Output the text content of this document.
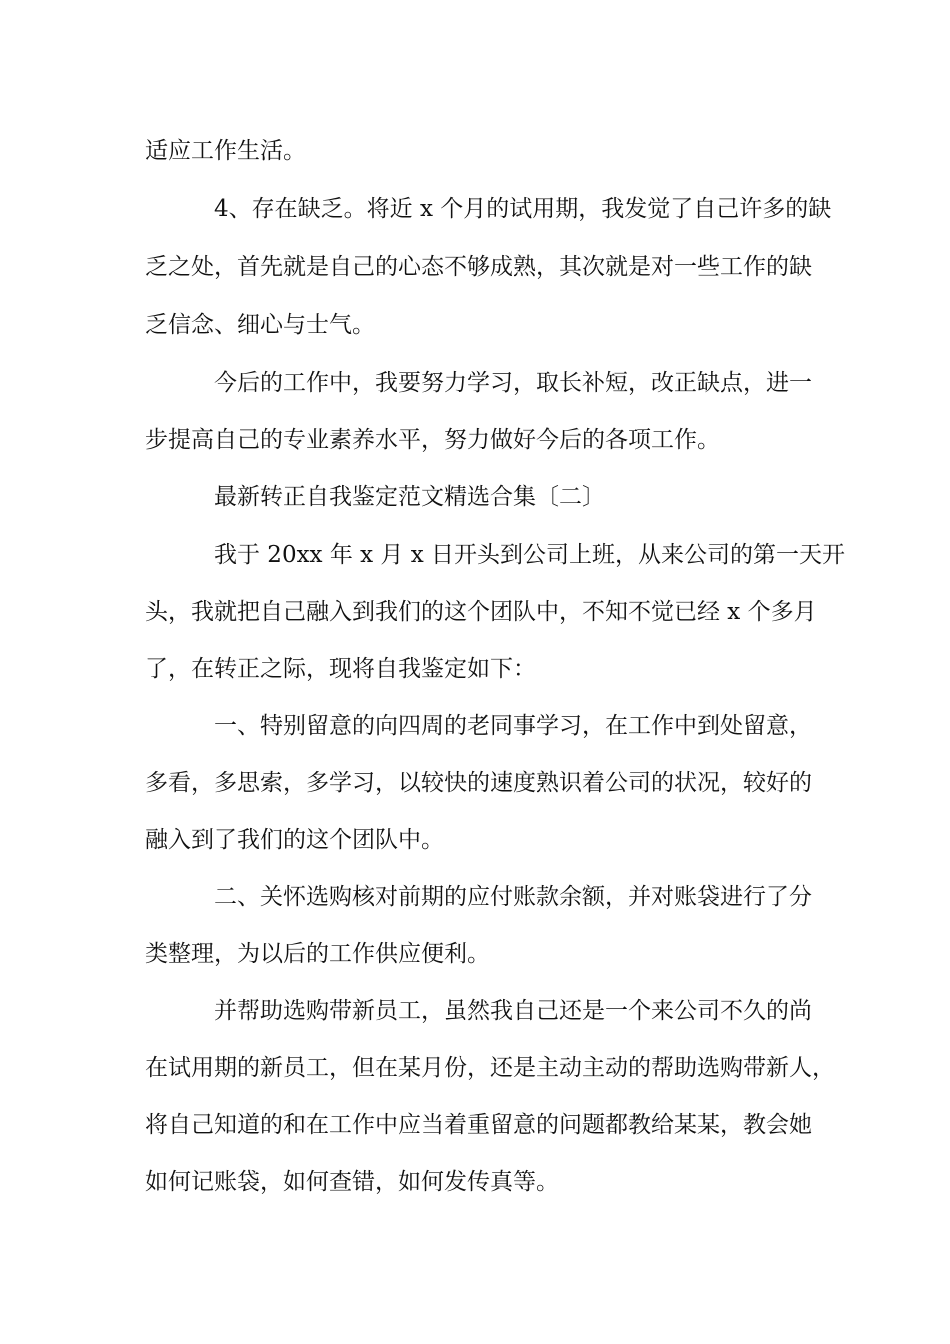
适应工作生活。

4、存在缺乏。将近 x 个月的试用期，我发觉了自己许多的缺

乏之处，首先就是自己的心态不够成熟，其次就是对一些工作的缺

乏信念、细心与士气。

今后的工作中，我要努力学习，取长补短，改正缺点，进一

步提高自己的专业素养水平，努力做好今后的各项工作。

最新转正自我鉴定范文精选合集〔二〕

我于 20xx 年 x 月 x 日开头到公司上班，从来公司的第一天开

头，我就把自己融入到我们的这个团队中，不知不觉已经 x 个多月

了，在转正之际，现将自我鉴定如下：

一、特别留意的向四周的老同事学习，在工作中到处留意，

多看，多思索，多学习，以较快的速度熟识着公司的状况，较好的

融入到了我们的这个团队中。

二、关怀选购核对前期的应付账款余额，并对账袋进行了分

类整理，为以后的工作供应便利。

并帮助选购带新员工，虽然我自己还是一个来公司不久的尚

在试用期的新员工，但在某月份，还是主动主动的帮助选购带新人，

将自己知道的和在工作中应当着重留意的问题都教给某某，教会她

如何记账袋，如何查错，如何发传真等。
